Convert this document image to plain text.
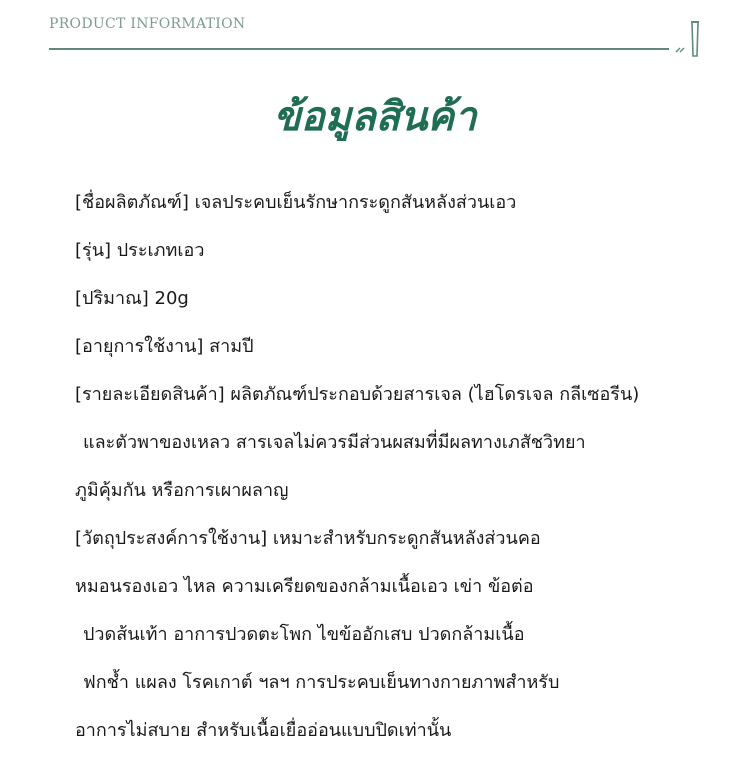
PRODUCT INFORMATION
ข้อมูลสินค้า
[ชื่อผลิตภัณฑ์] เจลประคบเย็นรักษากระดูกสันหลังส่วนเอว
[รุ่น] ประเภทเอว
[ปริมาณ] 20g
[อายุการใช้งาน] สามปี
[รายละเอียดสินค้า] ผลิตภัณฑ์ประกอบด้วยสารเจล (ไฮโดรเจล กลีเซอรีน)
และตัวพาของเหลว สารเจลไม่ควรมีส่วนผสมที่มีผลทางเภสัชวิทยา
ภูมิคุ้มกัน หรือการเผาผลาญ
[วัตถุประสงค์การใช้งาน] เหมาะสำหรับกระดูกสันหลังส่วนคอ
หมอนรองเอว ไหล ความเครียดของกล้ามเนื้อเอว เข่า ข้อต่อ
ปวดส้นเท้า อาการปวดตะโพก ไขข้ออักเสบ ปวดกล้ามเนื้อ
ฟกช้ำ แผลง โรคเกาต์ ฯลฯ การประคบเย็นทางกายภาพสำหรับ
อาการไม่สบาย สำหรับเนื้อเยื่ออ่อนแบบปิดเท่านั้น
